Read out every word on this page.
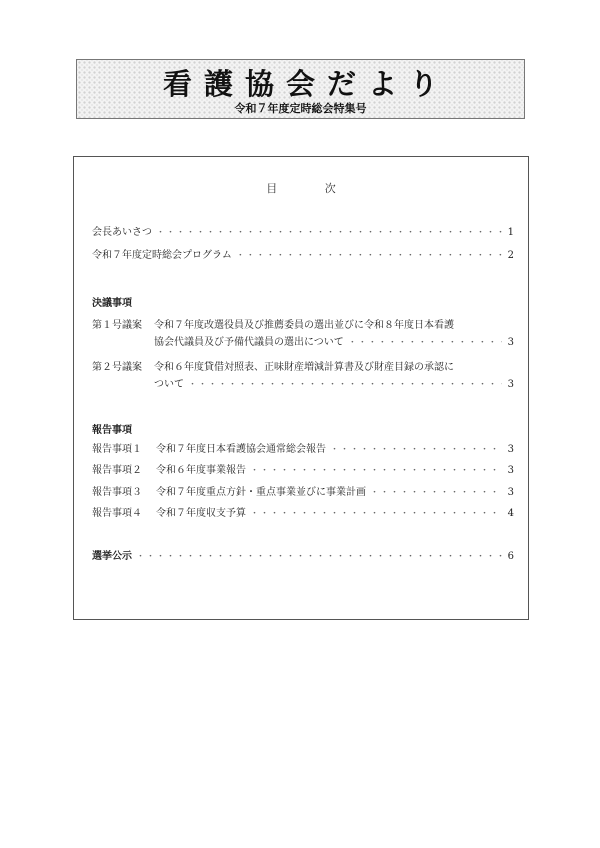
看護協会だより
令和７年度定時総会特集号
目	次
会長あいさつ ・・・・・・・・・・・・・・・・・・・・・・・・・・・・・・・・・・・・・・・・・・・・・・・・・・・・・・・・・・・・・・・・・・・・・・・・・・・・・・・・・・・・・・・・・・	1
令和７年度定時総会プログラム ・・・・・・・・・・・・・・・・・・・・・・・・・・・・・・・・・・・・・・・・・・・・・・・・・・・・・・・・・・・・・・・・・・・・・・・・・・・・・・・・・・・・・・・・・・	2
決議事項
第１号議案 令和７年度改選役員及び推薦委員の選出並びに令和８年度日本看護
協会代議員及び予備代議員の選出について ・・・・・・・・・・・・・・・・・・・・・・・・・・・・・・・・・・・・・・・・・・・・・・・・・・・・・・・・・・・・・・・・・・・・・・・・・・・・・・・・・・・・・・・・・・	3
第２号議案 令和６年度貸借対照表、正味財産増減計算書及び財産目録の承認に
ついて ・・・・・・・・・・・・・・・・・・・・・・・・・・・・・・・・・・・・・・・・・・・・・・・・・・・・・・・・・・・・・・・・・・・・・・・・・・・・・・・・・・・・・・・・・・	3
報告事項
報告事項１	令和７年度日本看護協会通常総会報告 ・・・・・・・・・・・・・・・・・・・・・・・・・・・・・・・・・・・・・・・・・・・・・・・・・・・・・・・・・・・・・・・・・・・・・・・・・・・・・・・・・・・・・・・・・・	3
報告事項２	令和６年度事業報告 ・・・・・・・・・・・・・・・・・・・・・・・・・・・・・・・・・・・・・・・・・・・・・・・・・・・・・・・・・・・・・・・・・・・・・・・・・・・・・・・・・・・・・・・・・・	3
報告事項３	令和７年度重点方針・重点事業並びに事業計画 ・・・・・・・・・・・・・・・・・・・・・・・・・・・・・・・・・・・・・・・・・・・・・・・・・・・・・・・・・・・・・・・・・・・・・・・・・・・・・・・・・・・・・・・・・・	3
報告事項４	令和７年度収支予算 ・・・・・・・・・・・・・・・・・・・・・・・・・・・・・・・・・・・・・・・・・・・・・・・・・・・・・・・・・・・・・・・・・・・・・・・・・・・・・・・・・・・・・・・・・・	4
選挙公示 ・・・・・・・・・・・・・・・・・・・・・・・・・・・・・・・・・・・・・・・・・・・・・・・・・・・・・・・・・・・・・・・・・・・・・・・・・・・・・・・・・・・・・・・・・・	6
